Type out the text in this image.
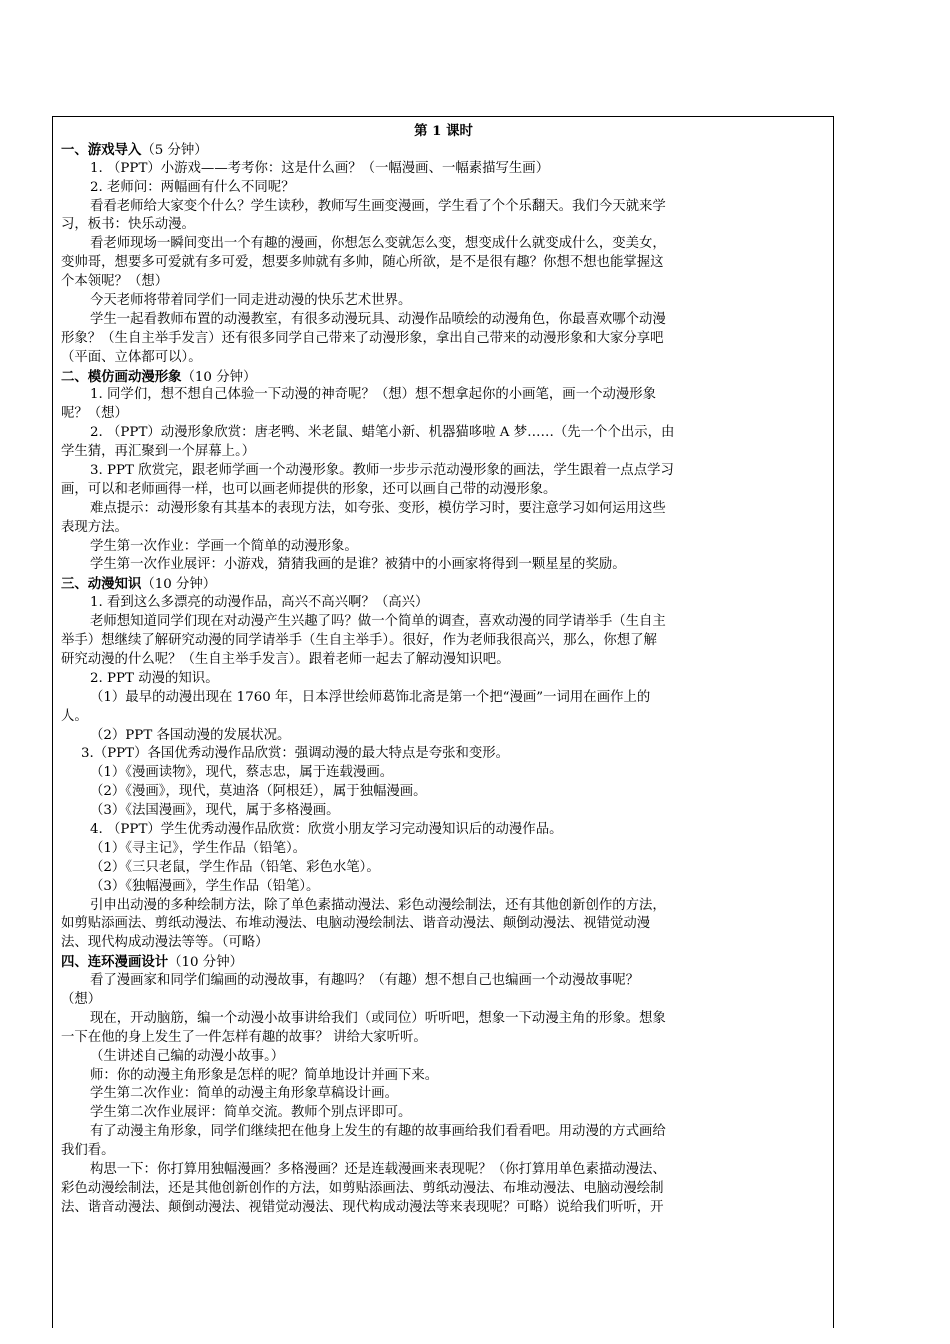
第 1 课时
一、游戏导入（5 分钟）
1. （PPT）小游戏——考考你：这是什么画？（一幅漫画、一幅素描写生画）
2. 老师问：两幅画有什么不同呢？
看看老师给大家变个什么？学生读秒，教师写生画变漫画，学生看了个个乐翻天。我们今天就来学
习，板书：快乐动漫。
看老师现场一瞬间变出一个有趣的漫画，你想怎么变就怎么变，想变成什么就变成什么，变美女，
变帅哥，想要多可爱就有多可爱，想要多帅就有多帅，随心所欲，是不是很有趣？你想不想也能掌握这
个本领呢？（想）
今天老师将带着同学们一同走进动漫的快乐艺术世界。
学生一起看教师布置的动漫教室，有很多动漫玩具、动漫作品喷绘的动漫角色，你最喜欢哪个动漫
形象？（生自主举手发言）还有很多同学自己带来了动漫形象，拿出自己带来的动漫形象和大家分享吧
（平面、立体都可以）。
二、模仿画动漫形象（10 分钟）
1. 同学们，想不想自己体验一下动漫的神奇呢？（想）想不想拿起你的小画笔，画一个动漫形象
呢？（想）
2. （PPT）动漫形象欣赏：唐老鸭、米老鼠、蜡笔小新、机器猫哆啦 A 梦……（先一个个出示，由
学生猜，再汇聚到一个屏幕上。）
3. PPT 欣赏完，跟老师学画一个动漫形象。教师一步步示范动漫形象的画法，学生跟着一点点学习
画，可以和老师画得一样，也可以画老师提供的形象，还可以画自己带的动漫形象。
难点提示：动漫形象有其基本的表现方法，如夸张、变形，模仿学习时，要注意学习如何运用这些
表现方法。
学生第一次作业：学画一个简单的动漫形象。
学生第一次作业展评：小游戏，猜猜我画的是谁？被猜中的小画家将得到一颗星星的奖励。
三、动漫知识（10 分钟）
1. 看到这么多漂亮的动漫作品，高兴不高兴啊？（高兴）
老师想知道同学们现在对动漫产生兴趣了吗？做一个简单的调查，喜欢动漫的同学请举手（生自主
举手）想继续了解研究动漫的同学请举手（生自主举手）。很好，作为老师我很高兴，那么，你想了解
研究动漫的什么呢？（生自主举手发言）。跟着老师一起去了解动漫知识吧。
2. PPT 动漫的知识。
（1）最早的动漫出现在 1760 年，日本浮世绘师葛饰北斋是第一个把“漫画”一词用在画作上的
人。
（2）PPT 各国动漫的发展状况。
3.（PPT）各国优秀动漫作品欣赏：强调动漫的最大特点是夸张和变形。
（1）《漫画读物》，现代，蔡志忠，属于连载漫画。
（2）《漫画》，现代，莫迪洛（阿根廷），属于独幅漫画。
（3）《法国漫画》，现代，属于多格漫画。
4. （PPT）学生优秀动漫作品欣赏：欣赏小朋友学习完动漫知识后的动漫作品。
（1）《寻主记》，学生作品（铅笔）。
（2）《三只老鼠，学生作品（铅笔、彩色水笔）。
（3）《独幅漫画》，学生作品（铅笔）。
引申出动漫的多种绘制方法，除了单色素描动漫法、彩色动漫绘制法，还有其他创新创作的方法，
如剪贴添画法、剪纸动漫法、布堆动漫法、电脑动漫绘制法、谐音动漫法、颠倒动漫法、视错觉动漫
法、现代构成动漫法等等。（可略）
四、连环漫画设计（10 分钟）
看了漫画家和同学们编画的动漫故事，有趣吗？（有趣）想不想自己也编画一个动漫故事呢？
（想）
现在，开动脑筋，编一个动漫小故事讲给我们（或同位）听听吧，想象一下动漫主角的形象。想象
一下在他的身上发生了一件怎样有趣的故事？ 讲给大家听听。
（生讲述自己编的动漫小故事。）
师：你的动漫主角形象是怎样的呢？简单地设计并画下来。
学生第二次作业：简单的动漫主角形象草稿设计画。
学生第二次作业展评：简单交流。教师个别点评即可。
有了动漫主角形象，同学们继续把在他身上发生的有趣的故事画给我们看看吧。用动漫的方式画给
我们看。
构思一下：你打算用独幅漫画？多格漫画？还是连载漫画来表现呢？（你打算用单色素描动漫法、
彩色动漫绘制法，还是其他创新创作的方法，如剪贴添画法、剪纸动漫法、布堆动漫法、电脑动漫绘制
法、谐音动漫法、颠倒动漫法、视错觉动漫法、现代构成动漫法等来表现呢？可略）说给我们听听，开
